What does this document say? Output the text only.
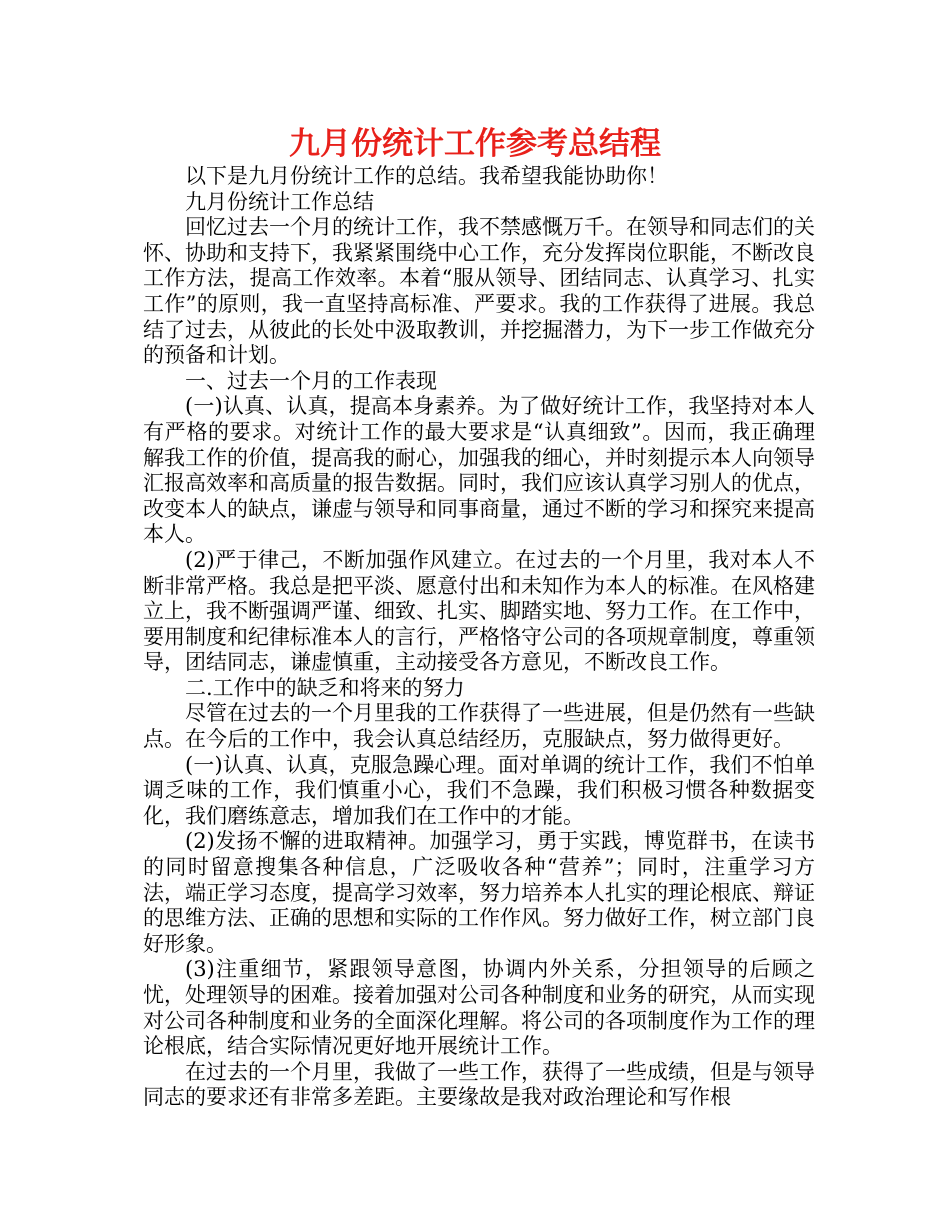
九月份统计工作参考总结程

以下是九月份统计工作的总结。我希望我能协助你！

九月份统计工作总结

回忆过去一个月的统计工作，我不禁感慨万千。在领导和同志们的关怀、协助和支持下，我紧紧围绕中心工作，充分发挥岗位职能，不断改良工作方法，提高工作效率。本着“服从领导、团结同志、认真学习、扎实工作”的原则，我一直坚持高标准、严要求。我的工作获得了进展。我总结了过去，从彼此的长处中汲取教训，并挖掘潜力，为下一步工作做充分的预备和计划。

一、过去一个月的工作表现

(一)认真、认真，提高本身素养。为了做好统计工作，我坚持对本人有严格的要求。对统计工作的最大要求是“认真细致”。因而，我正确理解我工作的价值，提高我的耐心，加强我的细心，并时刻提示本人向领导汇报高效率和高质量的报告数据。同时，我们应该认真学习别人的优点，改变本人的缺点，谦虚与领导和同事商量，通过不断的学习和探究来提高本人。

(2)严于律己，不断加强作风建立。在过去的一个月里，我对本人不断非常严格。我总是把平淡、愿意付出和未知作为本人的标准。在风格建立上，我不断强调严谨、细致、扎实、脚踏实地、努力工作。在工作中，要用制度和纪律标准本人的言行，严格恪守公司的各项规章制度，尊重领导，团结同志，谦虚慎重，主动接受各方意见，不断改良工作。

二.工作中的缺乏和将来的努力

尽管在过去的一个月里我的工作获得了一些进展，但是仍然有一些缺点。在今后的工作中，我会认真总结经历，克服缺点，努力做得更好。

(一)认真、认真，克服急躁心理。面对单调的统计工作，我们不怕单调乏味的工作，我们慎重小心，我们不急躁，我们积极习惯各种数据变化，我们磨练意志，增加我们在工作中的才能。

(2)发扬不懈的进取精神。加强学习，勇于实践，博览群书，在读书的同时留意搜集各种信息，广泛吸收各种“营养”；同时，注重学习方法，端正学习态度，提高学习效率，努力培养本人扎实的理论根底、辩证的思维方法、正确的思想和实际的工作作风。努力做好工作，树立部门良好形象。

(3)注重细节，紧跟领导意图，协调内外关系，分担领导的后顾之忧，处理领导的困难。接着加强对公司各种制度和业务的研究，从而实现对公司各种制度和业务的全面深化理解。将公司的各项制度作为工作的理论根底，结合实际情况更好地开展统计工作。

在过去的一个月里，我做了一些工作，获得了一些成绩，但是与领导同志的要求还有非常多差距。主要缘故是我对政治理论和写作根
